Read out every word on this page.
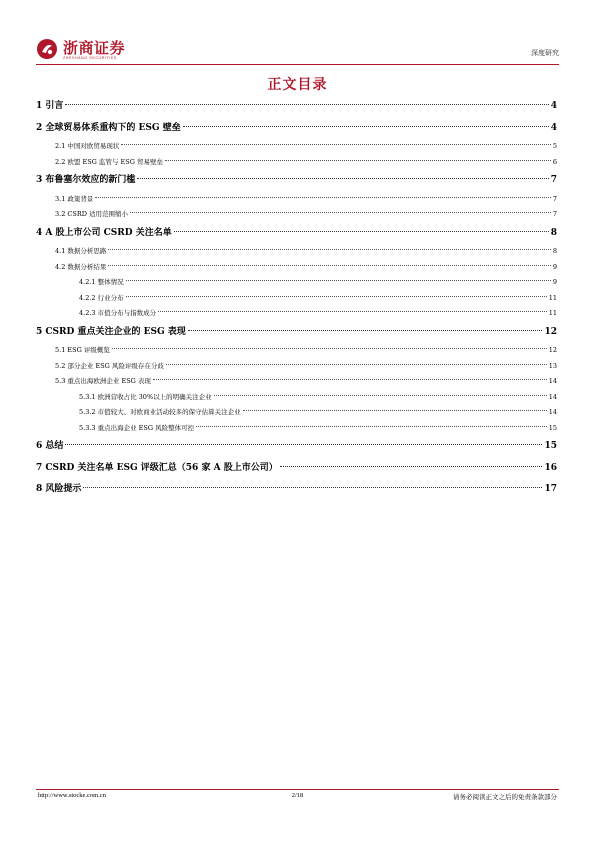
浙商证券
ZHESHANG SECURITIES
深度研究
正文目录
1 引言	4
2 全球贸易体系重构下的 ESG 壁垒	4
2.1 中国对欧贸易现状	5
2.2 欧盟 ESG 监管与 ESG 贸易壁垒	6
3 布鲁塞尔效应的新门槛	7
3.1 政策背景	7
3.2 CSRD 适用范围缩小	7
4 A 股上市公司 CSRD 关注名单	8
4.1 数据分析思路	8
4.2 数据分析结果	9
4.2.1 整体情况	9
4.2.2 行业分布	11
4.2.3 市值分布与指数成分	11
5 CSRD 重点关注企业的 ESG 表现	12
5.1 ESG 评级概览	12
5.2 部分企业 ESG 风险评级存在分歧	13
5.3 重点出海欧洲企业 ESG 表现	14
5.3.1 欧洲营收占比 30%以上的明确关注企业	14
5.3.2 市值较大、对欧商业活动较多的保守估算关注企业	14
5.3.3 重点出海企业 ESG 风险整体可控	15
6 总结	15
7 CSRD 关注名单 ESG 评级汇总（56 家 A 股上市公司）	16
8 风险提示	17
http://www.stocke.com.cn	2/18	请务必阅读正文之后的免责条款部分
